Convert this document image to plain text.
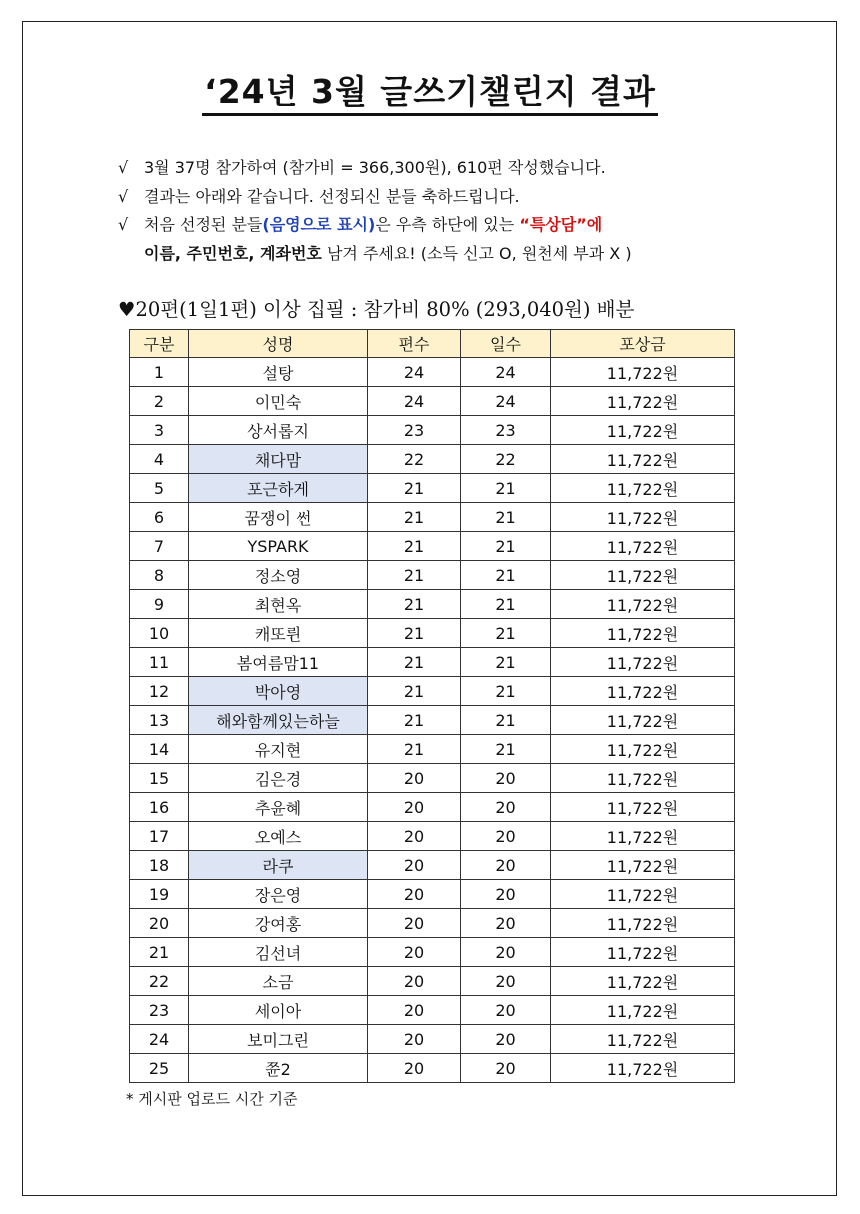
‘24년 3월 글쓰기챌린지 결과
√ 3월 37명 참가하여 (참가비 = 366,300원), 610편 작성했습니다.
√ 결과는 아래와 같습니다. 선정되신 분들 축하드립니다.
√ 처음 선정된 분들(음영으로 표시)은 우측 하단에 있는 “특상담”에
이름, 주민번호, 계좌번호 남겨 주세요! (소득 신고 O, 원천세 부과 X )
♥20편(1일1편) 이상 집필 : 참가비 80% (293,040원) 배분
구분	성명	편수	일수	포상금
1	설탕	24	24	11,722원
2	이민숙	24	24	11,722원
3	상서롭지	23	23	11,722원
4	채다맘	22	22	11,722원
5	포근하게	21	21	11,722원
6	꿈쟁이 썬	21	21	11,722원
7	YSPARK	21	21	11,722원
8	정소영	21	21	11,722원
9	최현옥	21	21	11,722원
10	캐또륀	21	21	11,722원
11	봄여름맘11	21	21	11,722원
12	박아영	21	21	11,722원
13	해와함께있는하늘	21	21	11,722원
14	유지현	21	21	11,722원
15	김은경	20	20	11,722원
16	추윤혜	20	20	11,722원
17	오예스	20	20	11,722원
18	라쿠	20	20	11,722원
19	장은영	20	20	11,722원
20	강여홍	20	20	11,722원
21	김선녀	20	20	11,722원
22	소금	20	20	11,722원
23	세이아	20	20	11,722원
24	보미그린	20	20	11,722원
25	쮼2	20	20	11,722원
* 게시판 업로드 시간 기준
